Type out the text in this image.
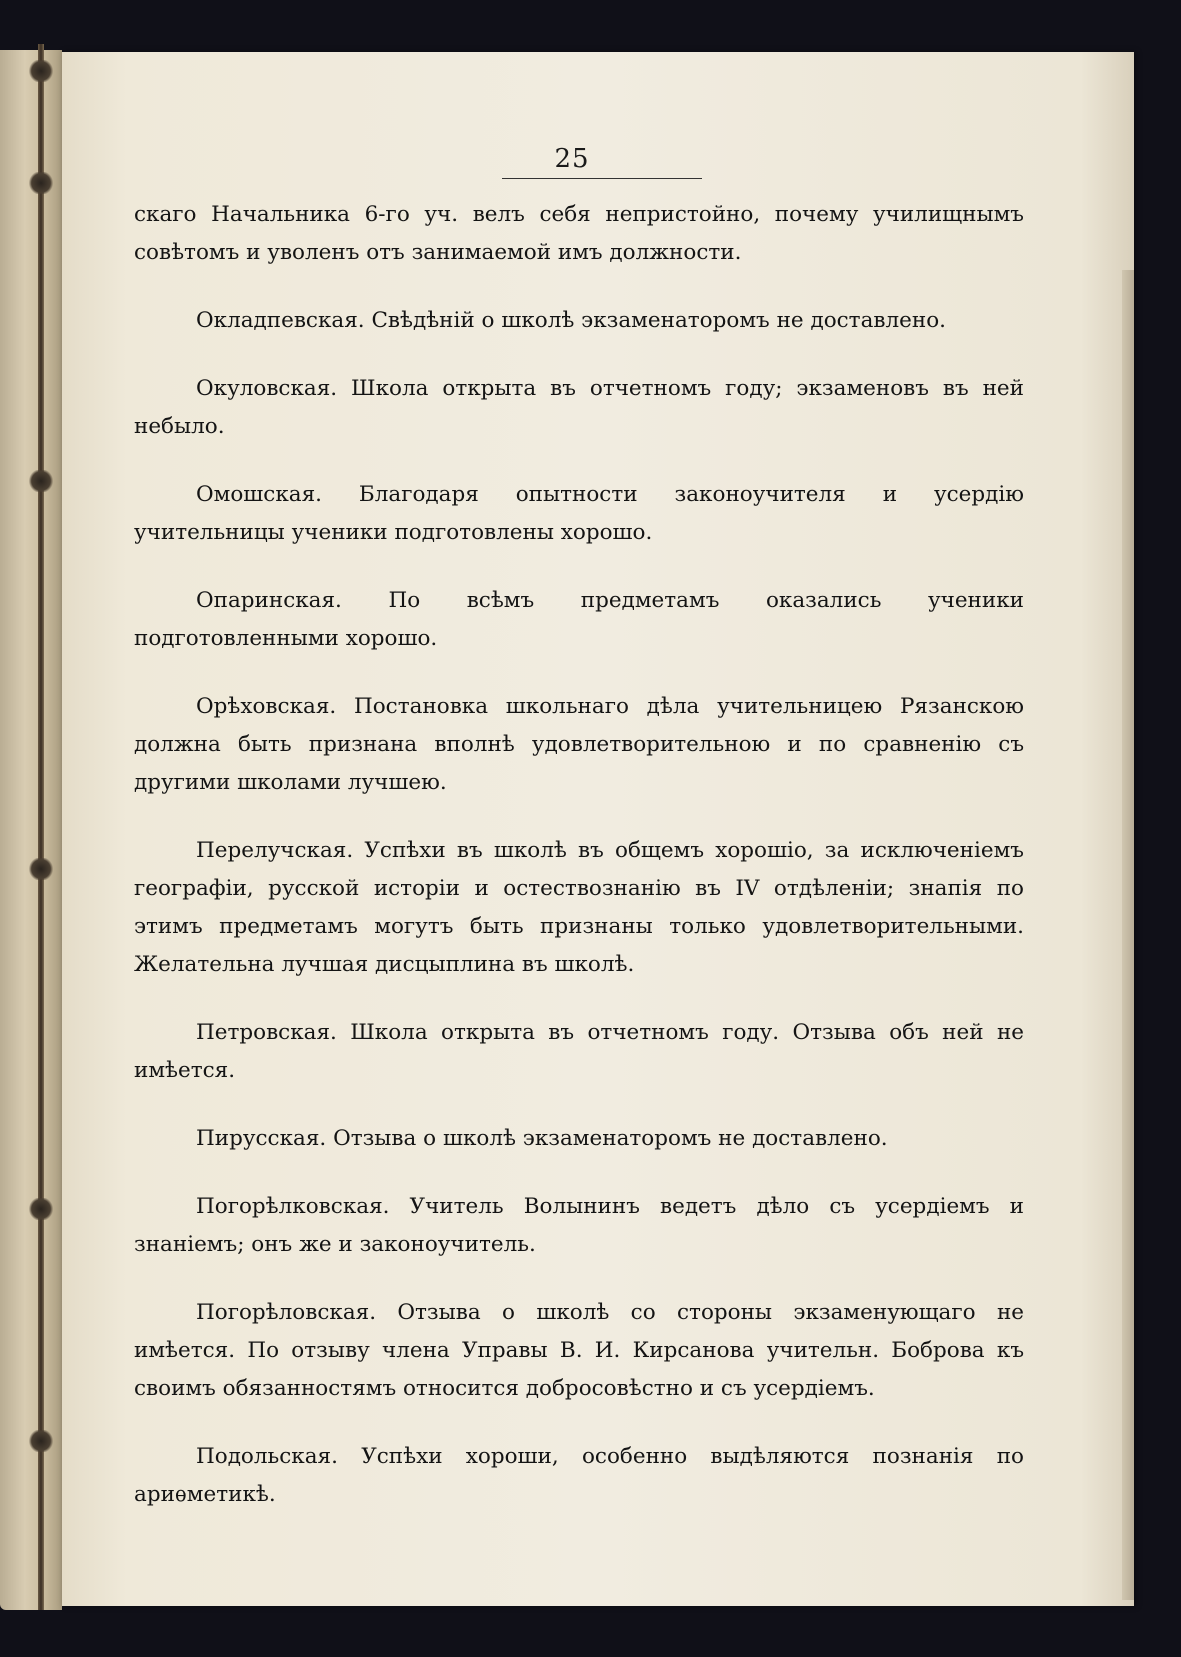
25

скаго Начальника 6-го уч. велъ себя непристойно, почему училищнымъ совѣтомъ и уволенъ отъ занимаемой имъ должности.

Окладпевская. Свѣдѣній о школѣ экзаменаторомъ не доставлено.

Окуловская. Школа открыта въ отчетномъ году; экзаменовъ въ ней небыло.

Омошская. Благодаря опытности законоучителя и усердію учительницы ученики подготовлены хорошо.

Опаринская. По всѣмъ предметамъ оказались ученики подготовленными хорошо.

Орѣховская. Постановка школьнаго дѣла учительницею Рязанскою должна быть признана вполнѣ удовлетворительною и по сравненію съ другими школами лучшею.

Перелучская. Успѣхи въ школѣ въ общемъ хорошіо, за исключеніемъ географіи, русской исторіи и остествознанію въ IV отдѣленіи; знапія по этимъ предметамъ могутъ быть признаны только удовлетворительными. Желательна лучшая дисцыплина въ школѣ.

Петровская. Школа открыта въ отчетномъ году. Отзыва объ ней не имѣется.

Пирусская. Отзыва о школѣ экзаменаторомъ не доставлено.

Погорѣлковская. Учитель Волынинъ ведетъ дѣло съ усердіемъ и знаніемъ; онъ же и законоучитель.

Погорѣловская. Отзыва о школѣ со стороны экзаменующаго не имѣется. По отзыву члена Управы В. И. Кирсанова учительн. Боброва къ своимъ обязанностямъ относится добросовѣстно и съ усердіемъ.

Подольская. Успѣхи хороши, особенно выдѣляются познанія по ариѳметикѣ.
